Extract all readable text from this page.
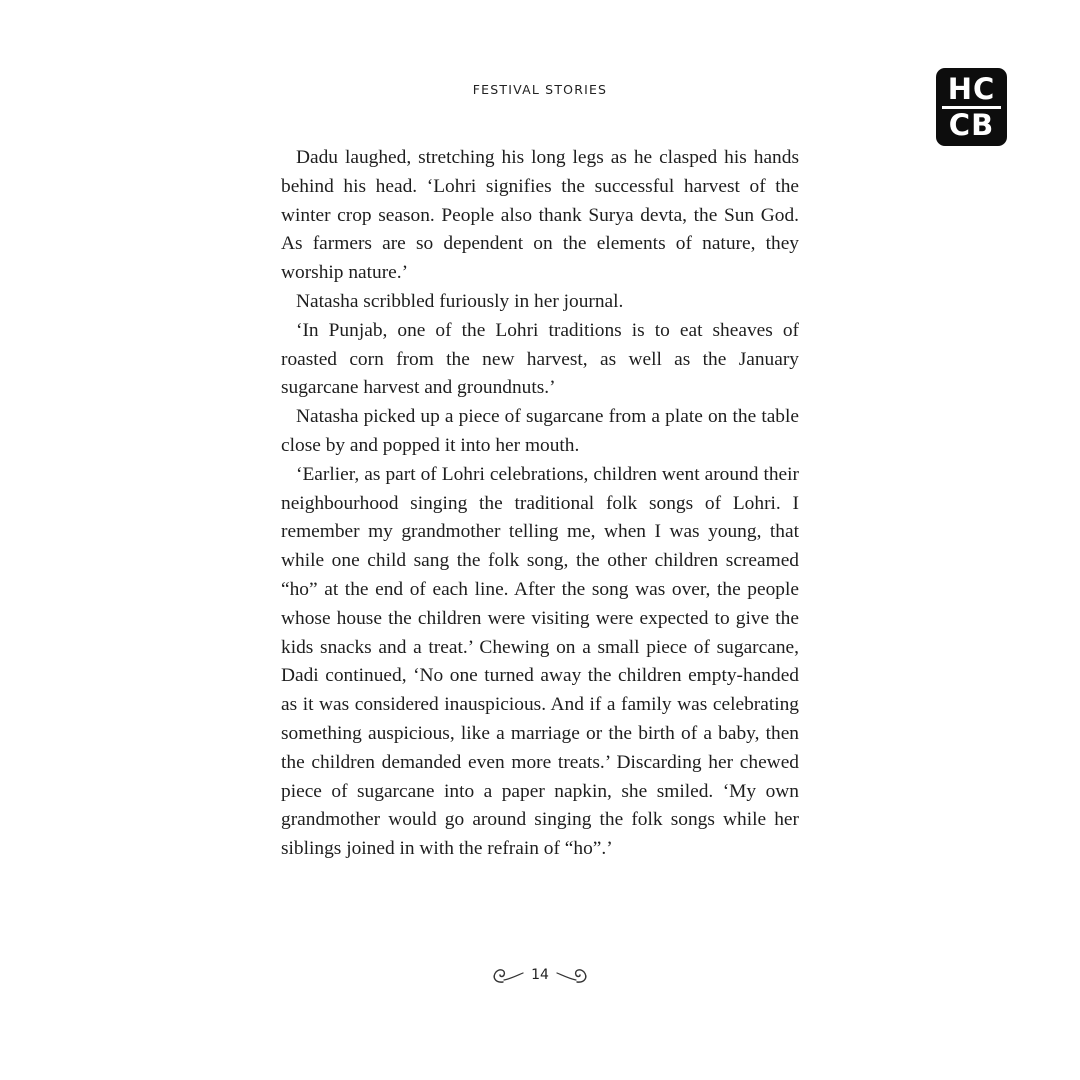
FESTIVAL STORIES	HC
CB

Dadu laughed, stretching his long legs as he clasped his hands behind his head. ‘Lohri signifies the successful harvest of the winter crop season. People also thank Surya devta, the Sun God. As farmers are so dependent on the elements of nature, they worship nature.’

Natasha scribbled furiously in her journal.

‘In Punjab, one of the Lohri traditions is to eat sheaves of roasted corn from the new harvest, as well as the January sugarcane harvest and groundnuts.’

Natasha picked up a piece of sugarcane from a plate on the table close by and popped it into her mouth.

‘Earlier, as part of Lohri celebrations, children went around their neighbourhood singing the traditional folk songs of Lohri. I remember my grandmother telling me, when I was young, that while one child sang the folk song, the other children screamed “ho” at the end of each line. After the song was over, the people whose house the children were visiting were expected to give the kids snacks and a treat.’ Chewing on a small piece of sugarcane, Dadi continued, ‘No one turned away the children empty-handed as it was considered inauspicious. And if a family was celebrating something auspicious, like a marriage or the birth of a baby, then the children demanded even more treats.’ Discarding her chewed piece of sugarcane into a paper napkin, she smiled. ‘My own grandmother would go around singing the folk songs while her siblings joined in with the refrain of “ho”.’

14
